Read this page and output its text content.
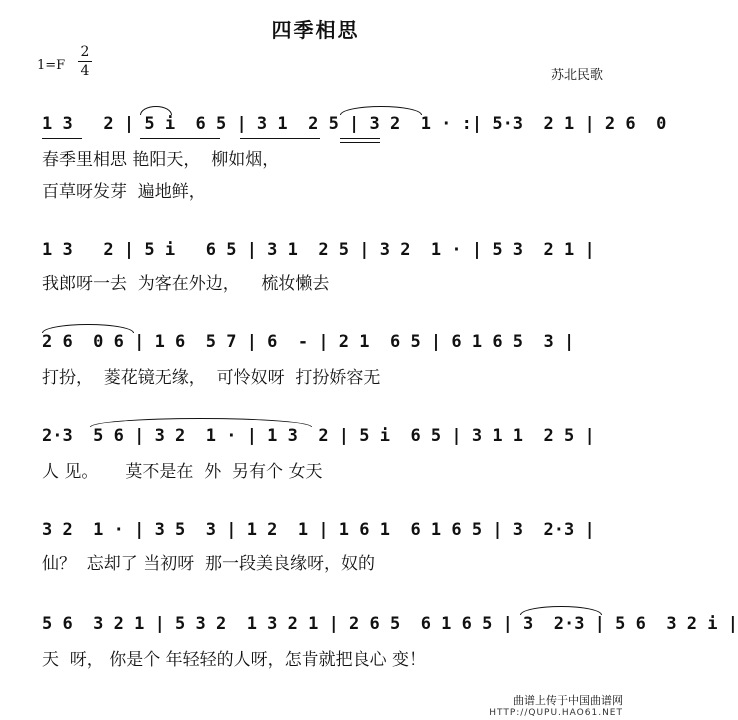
四季相思
1=F
2
4	苏北民歌
1 3   2 | 5 i  6 5 | 3 1  2 5 | 3 2  1 · :| 5·3  2 1 | 2 6  0
春季里相思 艳阳天，  柳如烟，
百草呀发芽  遍地鲜，
1 3   2 | 5 i   6 5 | 3 1  2 5 | 3 2  1 · | 5 3  2 1 |
我郎呀一去  为客在外边，    梳妆懒去
2 6  0 6 | 1 6  5 7 | 6  - | 2 1  6 5 | 6 1 6 5  3 |
打扮，  菱花镜无缘，  可怜奴呀  打扮娇容无
2·3  5 6 | 3 2  1 · | 1 3  2 | 5 i  6 5 | 3 1 1  2 5 |
人 见。     莫不是在  外  另有个 女天
3 2  1 · | 3 5  3 | 1 2  1 | 1 6 1  6 1 6 5 | 3  2·3 |
仙？  忘却了 当初呀  那一段美良缘呀，奴的
5 6  3 2 1 | 5 3 2  1 3 2 1 | 2 6 5  6 1 6 5 | 3  2·3 | 5 6  3 2 i |
天  呀， 你是个 年轻轻的人呀，怎肯就把良心 变！
曲谱上传于中国曲谱网
HTTP://QUPU.HAO61.NET
